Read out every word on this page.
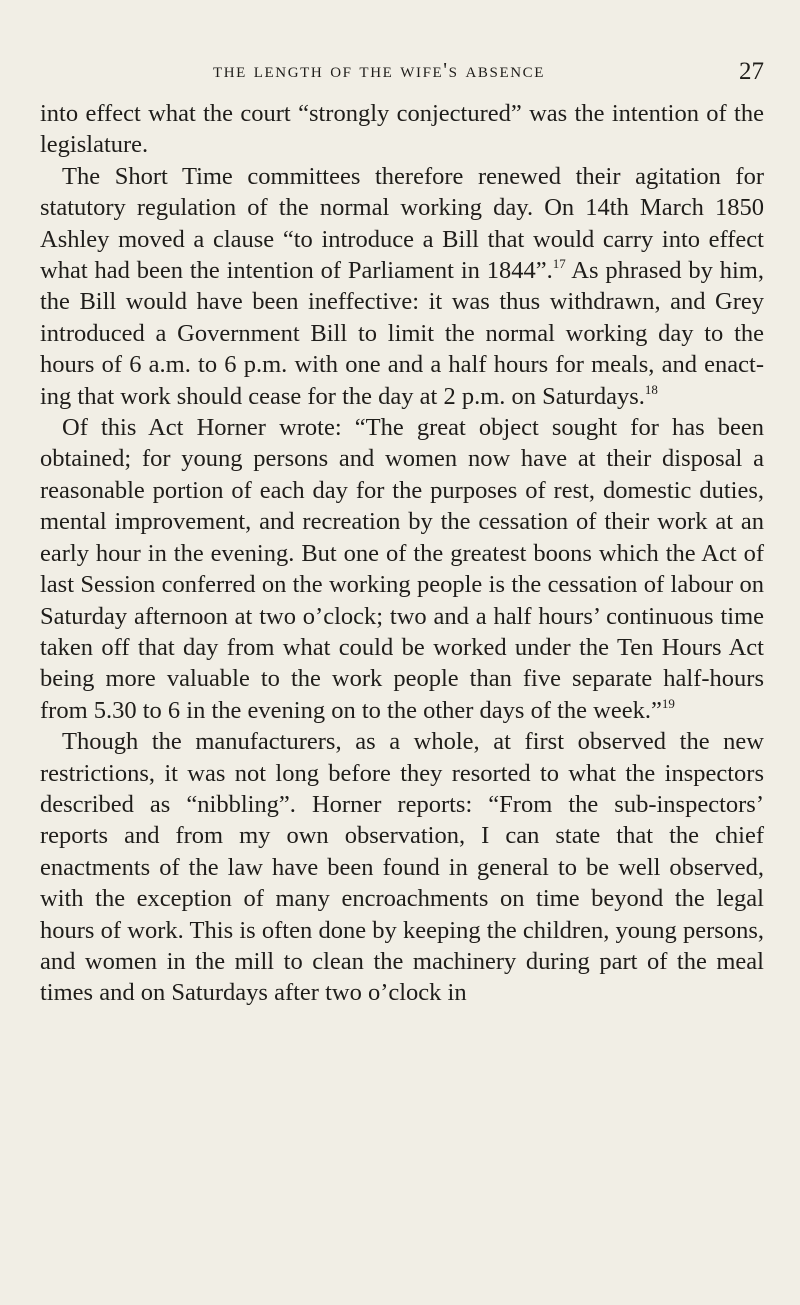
the length of the wife's absence	27

into effect what the court “strongly conjectured” was the intention of the legislature.

The Short Time committees therefore renewed their agitation for statutory regulation of the normal working day. On 14th March 1850 Ashley moved a clause “to introduce a Bill that would carry into effect what had been the intention of Parliament in 1844”.$^{17}$ As phrased by him, the Bill would have been ineffective: it was thus withdrawn, and Grey introduced a Government Bill to limit the normal working day to the hours of 6 a.m. to 6 p.m. with one and a half hours for meals, and enacting that work should cease for the day at 2 p.m. on Saturdays.$^{18}$

Of this Act Horner wrote: “The great object sought for has been obtained; for young persons and women now have at their disposal a reasonable portion of each day for the purposes of rest, domestic duties, mental improvement, and recreation by the cessation of their work at an early hour in the evening. But one of the greatest boons which the Act of last Session conferred on the working people is the cessation of labour on Saturday afternoon at two o’clock; two and a half hours’ continuous time taken off that day from what could be worked under the Ten Hours Act being more valuable to the work people than five separate half-hours from 5.30 to 6 in the evening on to the other days of the week.”$^{19}$

Though the manufacturers, as a whole, at first observed the new restrictions, it was not long before they resorted to what the inspectors described as “nibbling”. Horner reports: “From the sub-inspectors’ reports and from my own observation, I can state that the chief enactments of the law have been found in general to be well observed, with the exception of many encroachments on time beyond the legal hours of work. This is often done by keeping the children, young persons, and women in the mill to clean the machinery during part of the meal times and on Saturdays after two o’clock in
